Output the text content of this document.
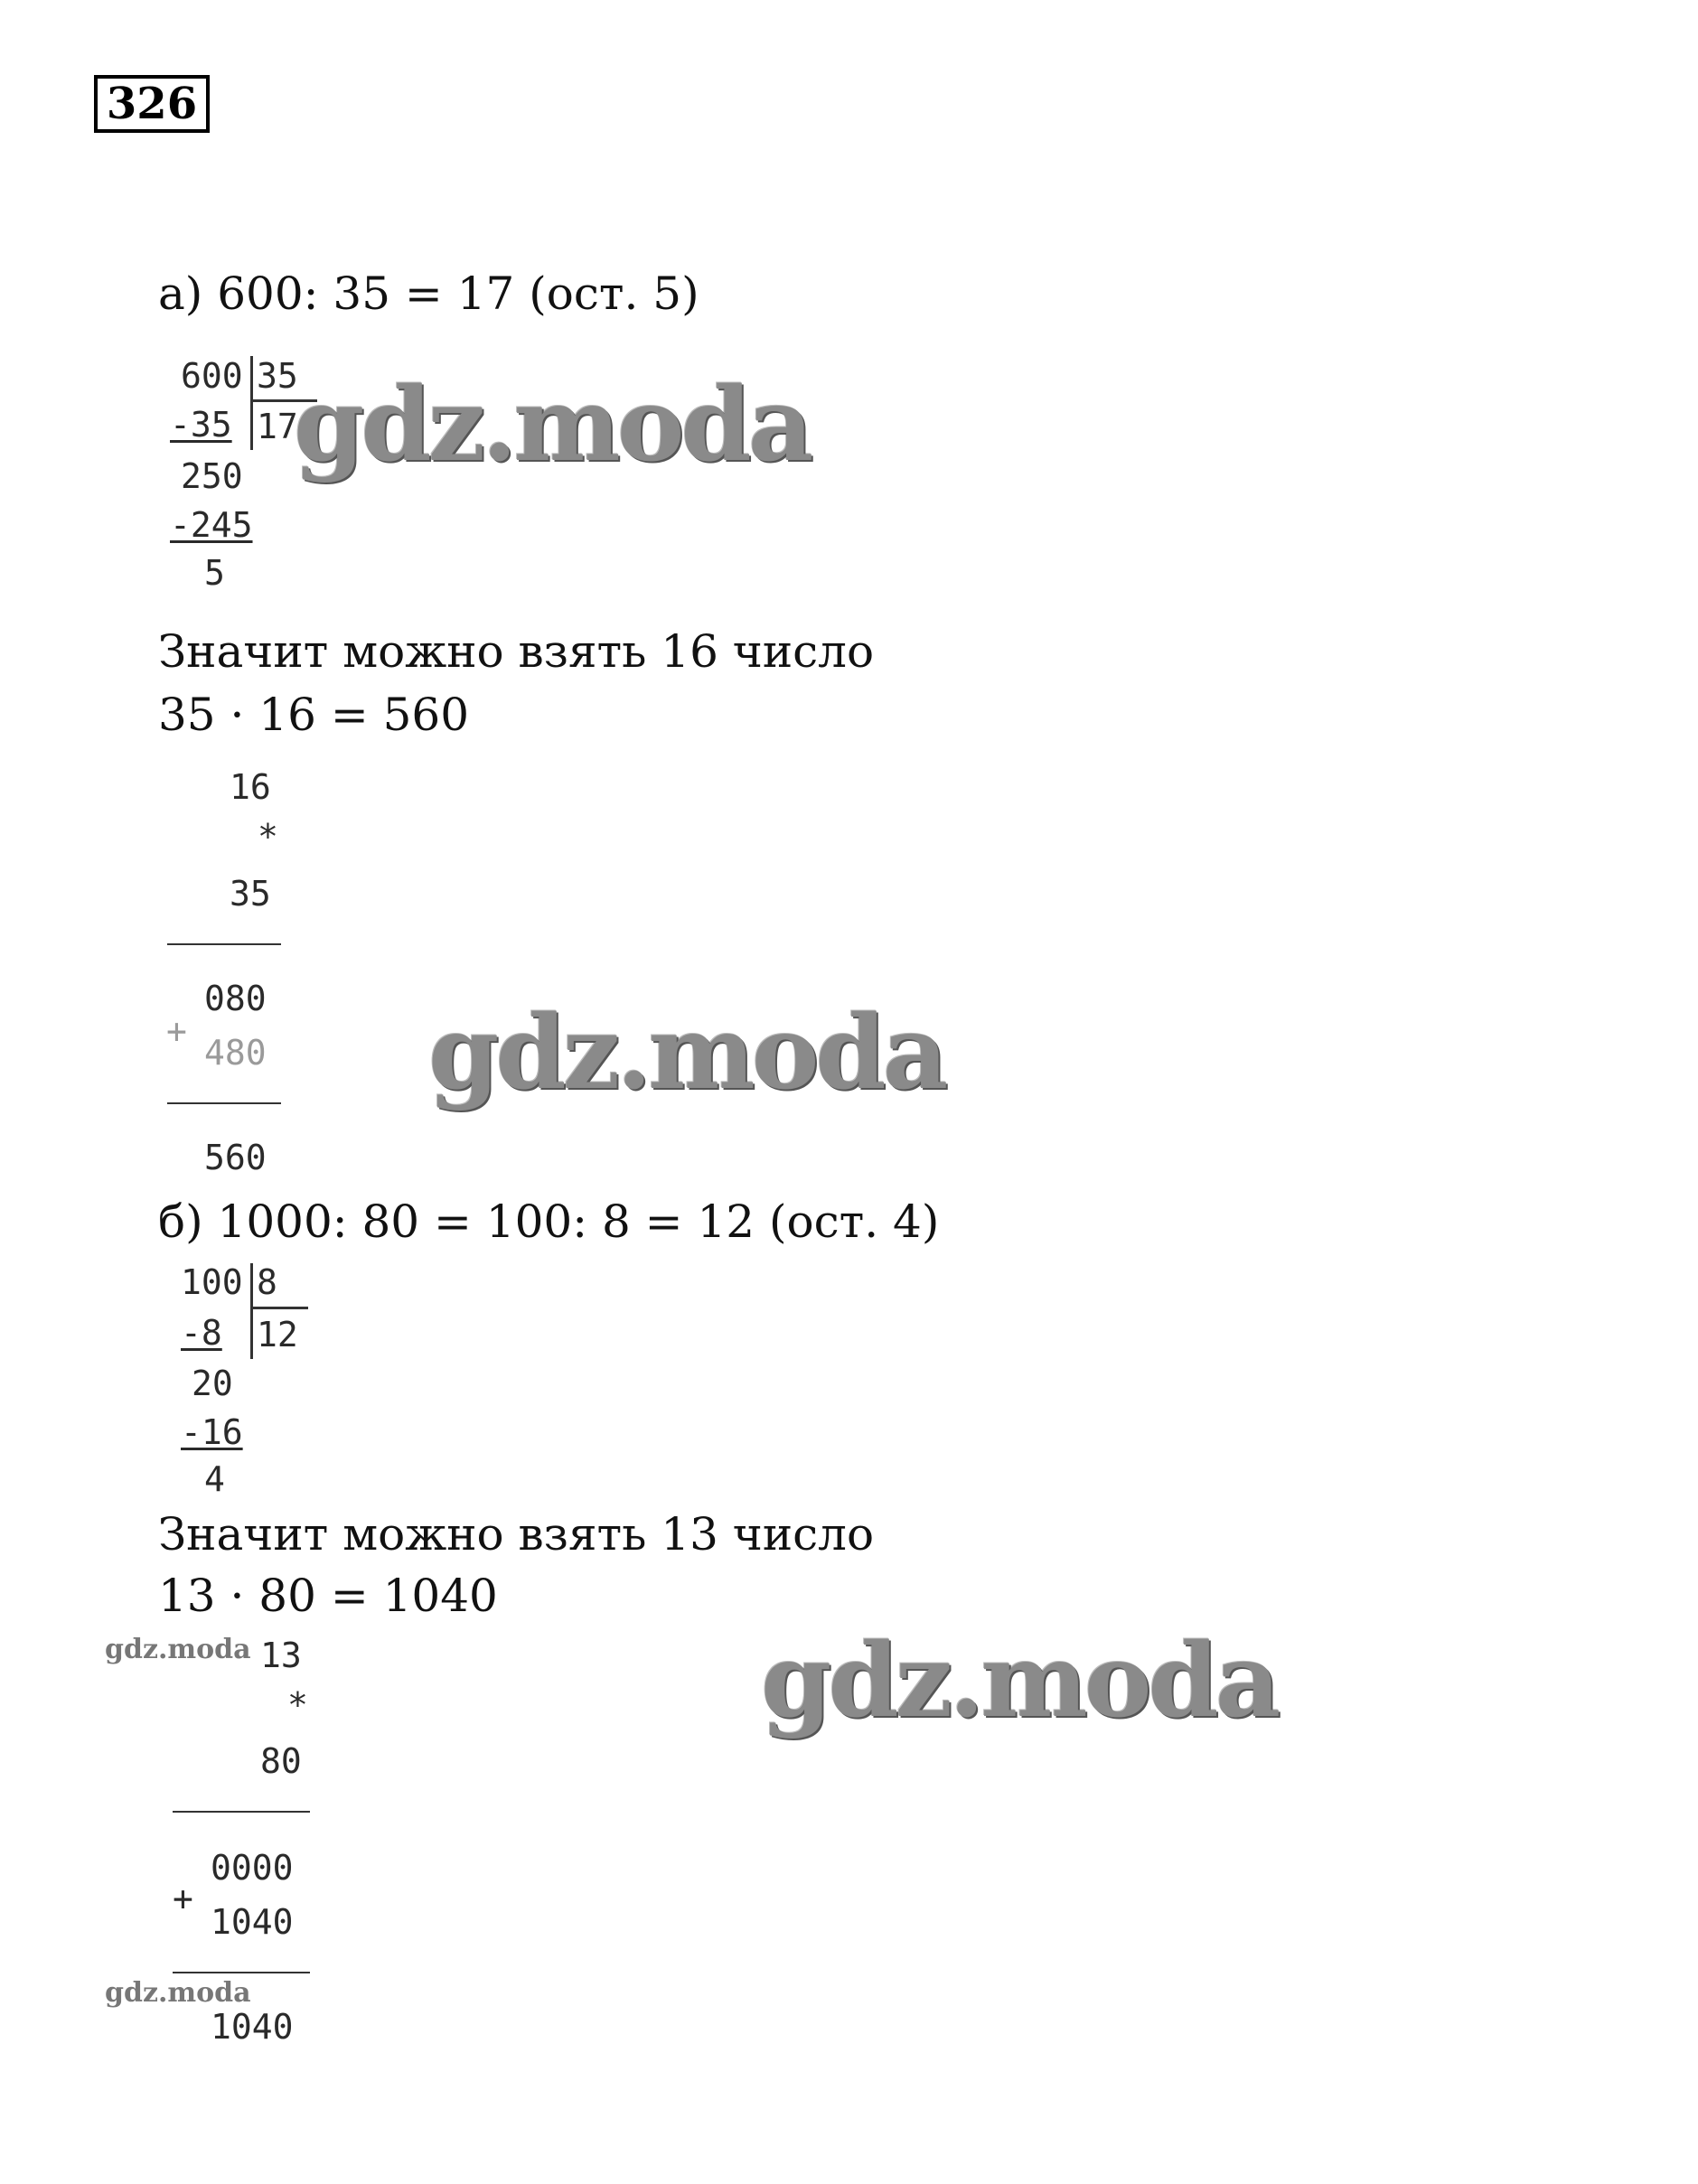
326
а) 600: 35 = 17 (ост. 5)
600 35
17
-35
250
-245
5
gdz.moda
Значит можно взять 16 число
35 · 16 = 560
16
*
35
080
+
480
560
gdz.moda
б) 1000: 80 = 100: 8 = 12 (ост. 4)
100 8
12
-8
20
-16
4
Значит можно взять 13 число
13 · 80 = 1040
gdz.moda	gdz.moda
13
*
80
0000
+
1040
1040
gdz.moda
